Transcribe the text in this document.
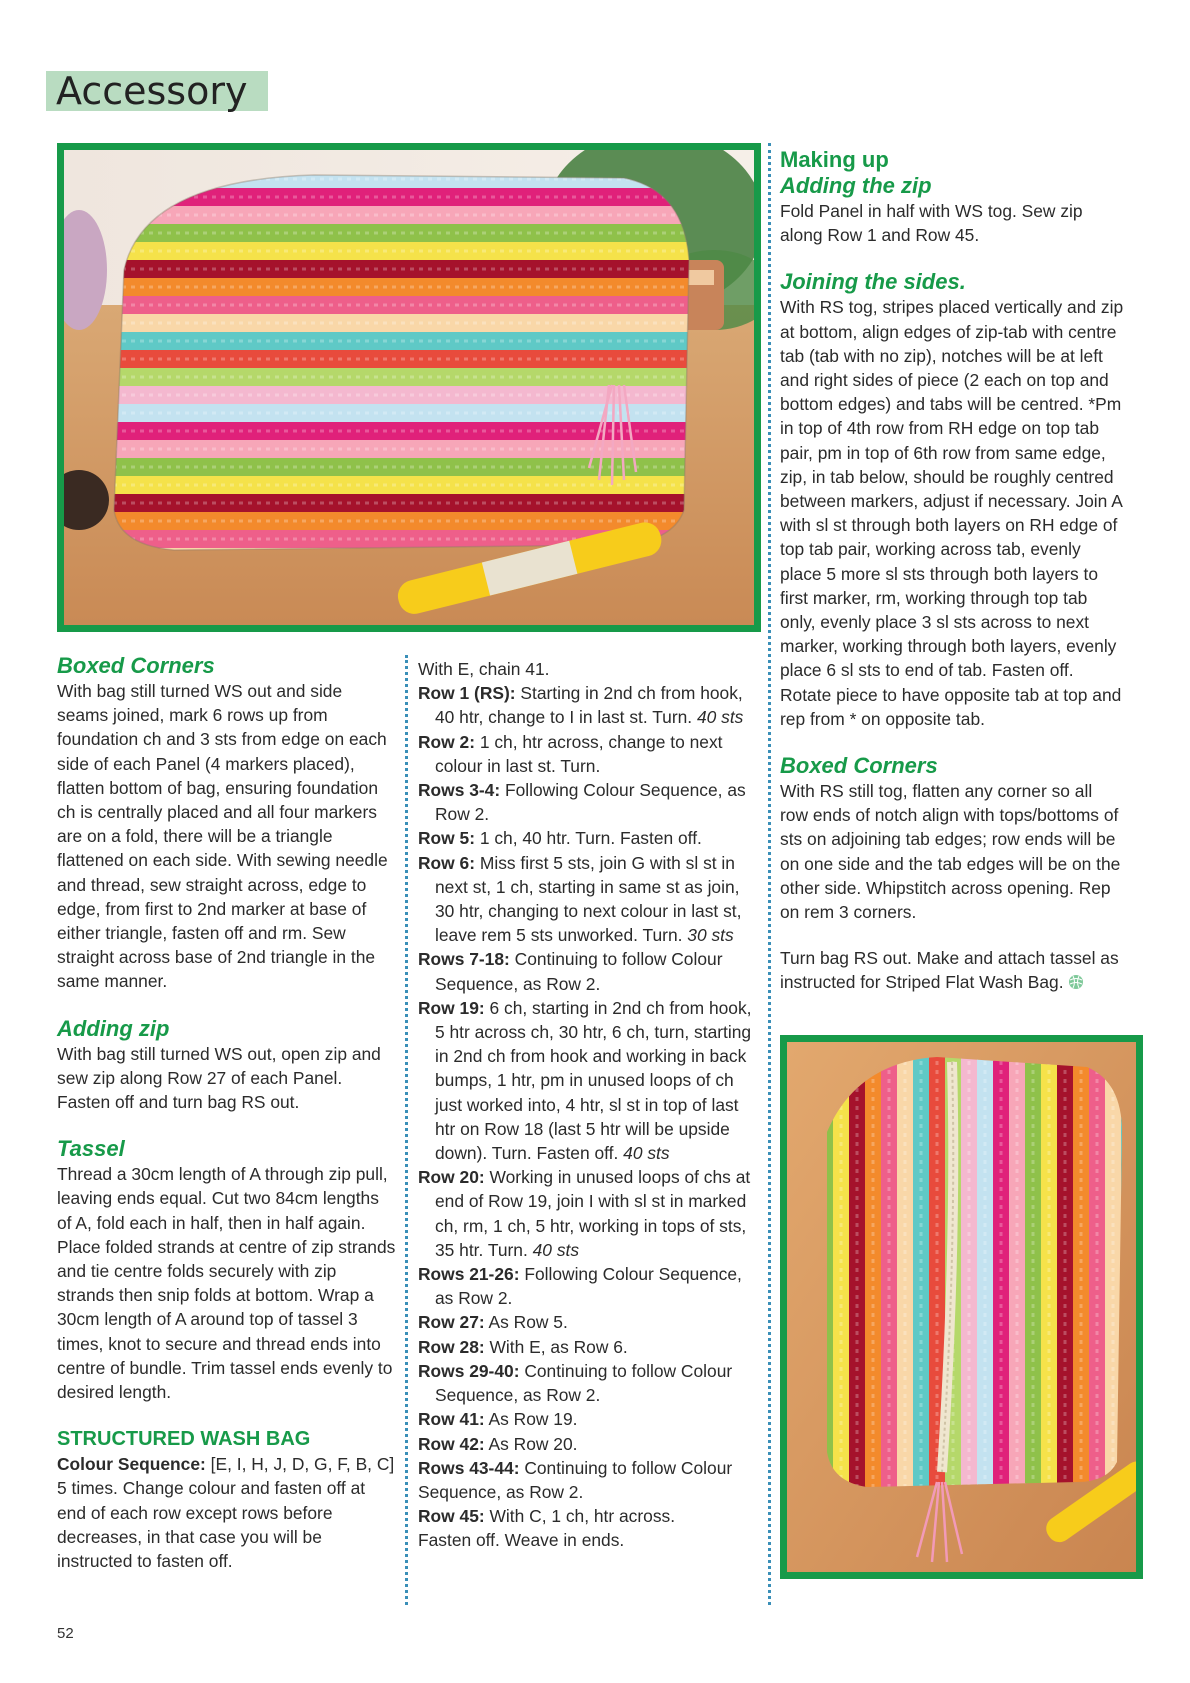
Accessory

Boxed Corners

With bag still turned WS out and side seams joined, mark 6 rows up from foundation ch and 3 sts from edge on each side of each Panel (4 markers placed), flatten bottom of bag, ensuring foundation ch is centrally placed and all four markers are on a fold, there will be a triangle flattened on each side. With sewing needle and thread, sew straight across, edge to edge, from first to 2nd marker at base of either triangle, fasten off and rm. Sew straight across base of 2nd triangle in the same manner.

Adding zip

With bag still turned WS out, open zip and sew zip along Row 27 of each Panel. Fasten off and turn bag RS out.

Tassel

Thread a 30cm length of A through zip pull, leaving ends equal. Cut two 84cm lengths of A, fold each in half, then in half again. Place folded strands at centre of zip strands and tie centre folds securely with zip strands then snip folds at bottom. Wrap a 30cm length of A around top of tassel 3 times, knot to secure and thread ends into centre of bundle. Trim tassel ends evenly to desired length.

STRUCTURED WASH BAG

Colour Sequence: [E, I, H, J, D, G, F, B, C] 5 times. Change colour and fasten off at end of each row except rows before decreases, in that case you will be instructed to fasten off.

With E, chain 41.

Row 1 (RS): Starting in 2nd ch from hook, 40 htr, change to I in last st. Turn. 40 sts

Row 2: 1 ch, htr across, change to next colour in last st. Turn.

Rows 3-4: Following Colour Sequence, as Row 2.

Row 5: 1 ch, 40 htr. Turn. Fasten off.

Row 6: Miss first 5 sts, join G with sl st in next st, 1 ch, starting in same st as join, 30 htr, changing to next colour in last st, leave rem 5 sts unworked. Turn. 30 sts

Rows 7-18: Continuing to follow Colour Sequence, as Row 2.

Row 19: 6 ch, starting in 2nd ch from hook, 5 htr across ch, 30 htr, 6 ch, turn, starting in 2nd ch from hook and working in back bumps, 1 htr, pm in unused loops of ch just worked into, 4 htr, sl st in top of last htr on Row 18 (last 5 htr will be upside down). Turn. Fasten off. 40 sts

Row 20: Working in unused loops of chs at end of Row 19, join I with sl st in marked ch, rm, 1 ch, 5 htr, working in tops of sts, 35 htr. Turn. 40 sts

Rows 21-26: Following Colour Sequence, as Row 2.

Row 27: As Row 5.

Row 28: With E, as Row 6.

Rows 29-40: Continuing to follow Colour Sequence, as Row 2.

Row 41: As Row 19.

Row 42: As Row 20.

Rows 43-44: Continuing to follow Colour Sequence, as Row 2.

Row 45: With C, 1 ch, htr across.

Fasten off. Weave in ends.

Making up

Adding the zip

Fold Panel in half with WS tog. Sew zip along Row 1 and Row 45.

Joining the sides.

With RS tog, stripes placed vertically and zip at bottom, align edges of zip-tab with centre tab (tab with no zip), notches will be at left and right sides of piece (2 each on top and bottom edges) and tabs will be centred. *Pm in top of 4th row from RH edge on top tab pair, pm in top of 6th row from same edge, zip, in tab below, should be roughly centred between markers, adjust if necessary. Join A with sl st through both layers on RH edge of top tab pair, working across tab, evenly place 5 more sl sts through both layers to first marker, rm, working through top tab only, evenly place 3 sl sts across to next marker, working through both layers, evenly place 6 sl sts to end of tab. Fasten off. Rotate piece to have opposite tab at top and rep from * on opposite tab.

Boxed Corners

With RS still tog, flatten any corner so all row ends of notch align with tops/bottoms of sts on adjoining tab edges; row ends will be on one side and the tab edges will be on the other side. Whipstitch across opening. Rep on rem 3 corners.

Turn bag RS out. Make and attach tassel as instructed for Striped Flat Wash Bag.

52
